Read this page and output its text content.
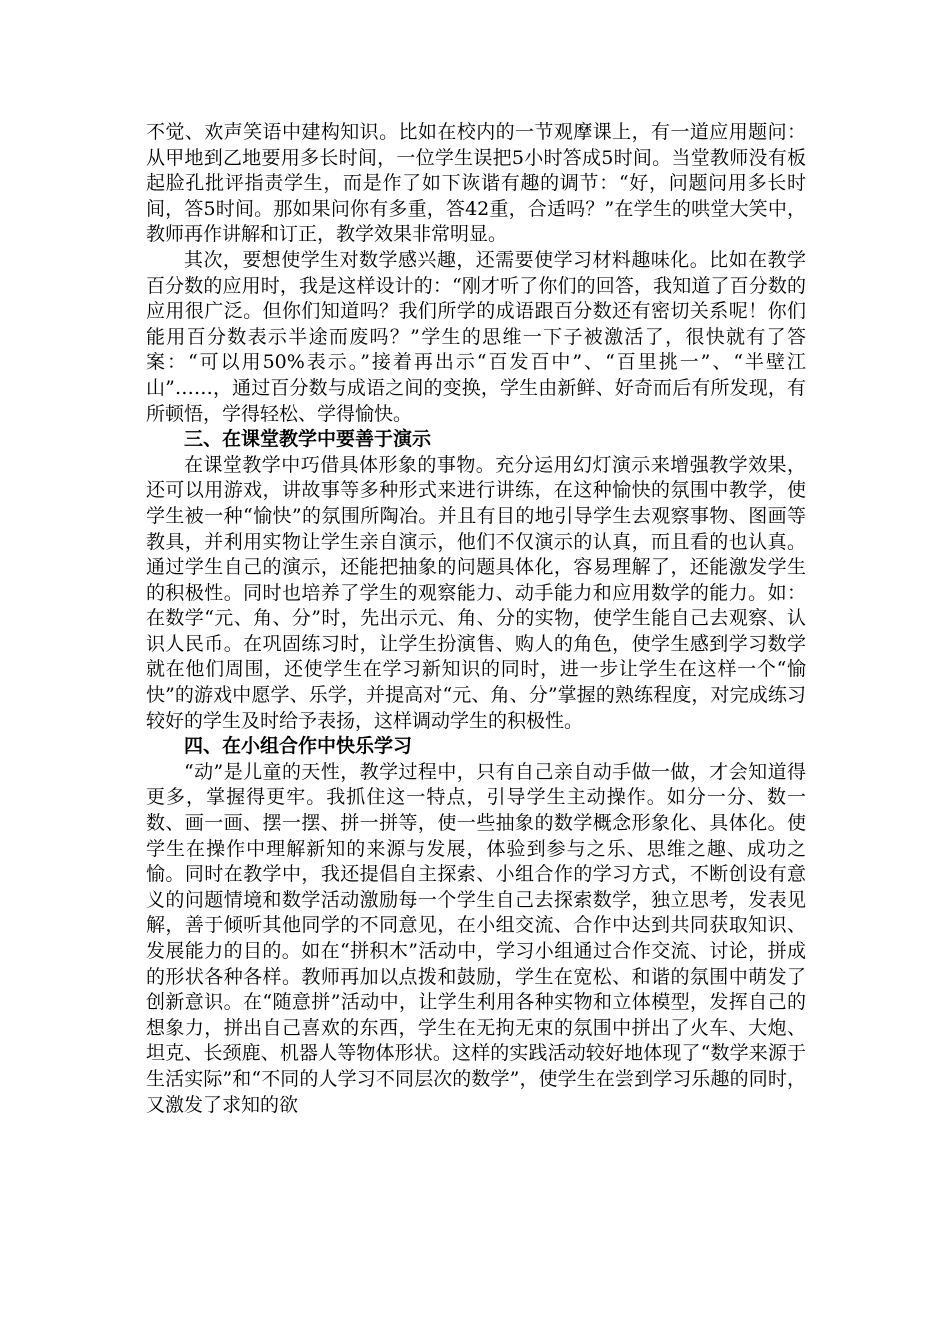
不觉、欢声笑语中建构知识。比如在校内的一节观摩课上，有一道应用题问：从甲地到乙地要用多长时间，一位学生误把5小时答成5时间。当堂教师没有板起脸孔批评指责学生，而是作了如下诙谐有趣的调节：“好，问题问用多长时间，答5时间。那如果问你有多重，答42重，合适吗？”在学生的哄堂大笑中，教师再作讲解和订正，教学效果非常明显。

其次，要想使学生对数学感兴趣，还需要使学习材料趣味化。比如在教学百分数的应用时，我是这样设计的：“刚才听了你们的回答，我知道了百分数的应用很广泛。但你们知道吗？我们所学的成语跟百分数还有密切关系呢！你们能用百分数表示半途而废吗？”学生的思维一下子被激活了，很快就有了答案：“可以用50%表示。”接着再出示“百发百中”、“百里挑一”、“半壁江山”……，通过百分数与成语之间的变换，学生由新鲜、好奇而后有所发现，有所顿悟，学得轻松、学得愉快。

三、在课堂教学中要善于演示

在课堂教学中巧借具体形象的事物。充分运用幻灯演示来增强教学效果，还可以用游戏，讲故事等多种形式来进行讲练，在这种愉快的氛围中教学，使学生被一种“愉快”的氛围所陶冶。并且有目的地引导学生去观察事物、图画等教具，并利用实物让学生亲自演示，他们不仅演示的认真，而且看的也认真。通过学生自己的演示，还能把抽象的问题具体化，容易理解了，还能激发学生的积极性。同时也培养了学生的观察能力、动手能力和应用数学的能力。如：在数学“元、角、分”时，先出示元、角、分的实物，使学生能自己去观察、认识人民币。在巩固练习时，让学生扮演售、购人的角色，使学生感到学习数学就在他们周围，还使学生在学习新知识的同时，进一步让学生在这样一个“愉快”的游戏中愿学、乐学，并提高对“元、角、分”掌握的熟练程度，对完成练习较好的学生及时给予表扬，这样调动学生的积极性。

四、在小组合作中快乐学习

“动”是儿童的天性，教学过程中，只有自己亲自动手做一做，才会知道得更多，掌握得更牢。我抓住这一特点，引导学生主动操作。如分一分、数一数、画一画、摆一摆、拼一拼等，使一些抽象的数学概念形象化、具体化。使学生在操作中理解新知的来源与发展，体验到参与之乐、思维之趣、成功之愉。同时在教学中，我还提倡自主探索、小组合作的学习方式，不断创设有意义的问题情境和数学活动激励每一个学生自己去探索数学，独立思考，发表见解，善于倾听其他同学的不同意见，在小组交流、合作中达到共同获取知识、发展能力的目的。如在“拼积木”活动中，学习小组通过合作交流、讨论，拼成的形状各种各样。教师再加以点拨和鼓励，学生在宽松、和谐的氛围中萌发了创新意识。在“随意拼”活动中，让学生利用各种实物和立体模型，发挥自己的想象力，拼出自己喜欢的东西，学生在无拘无束的氛围中拼出了火车、大炮、坦克、长颈鹿、机器人等物体形状。这样的实践活动较好地体现了“数学来源于生活实际”和“不同的人学习不同层次的数学”，使学生在尝到学习乐趣的同时，又激发了求知的欲
